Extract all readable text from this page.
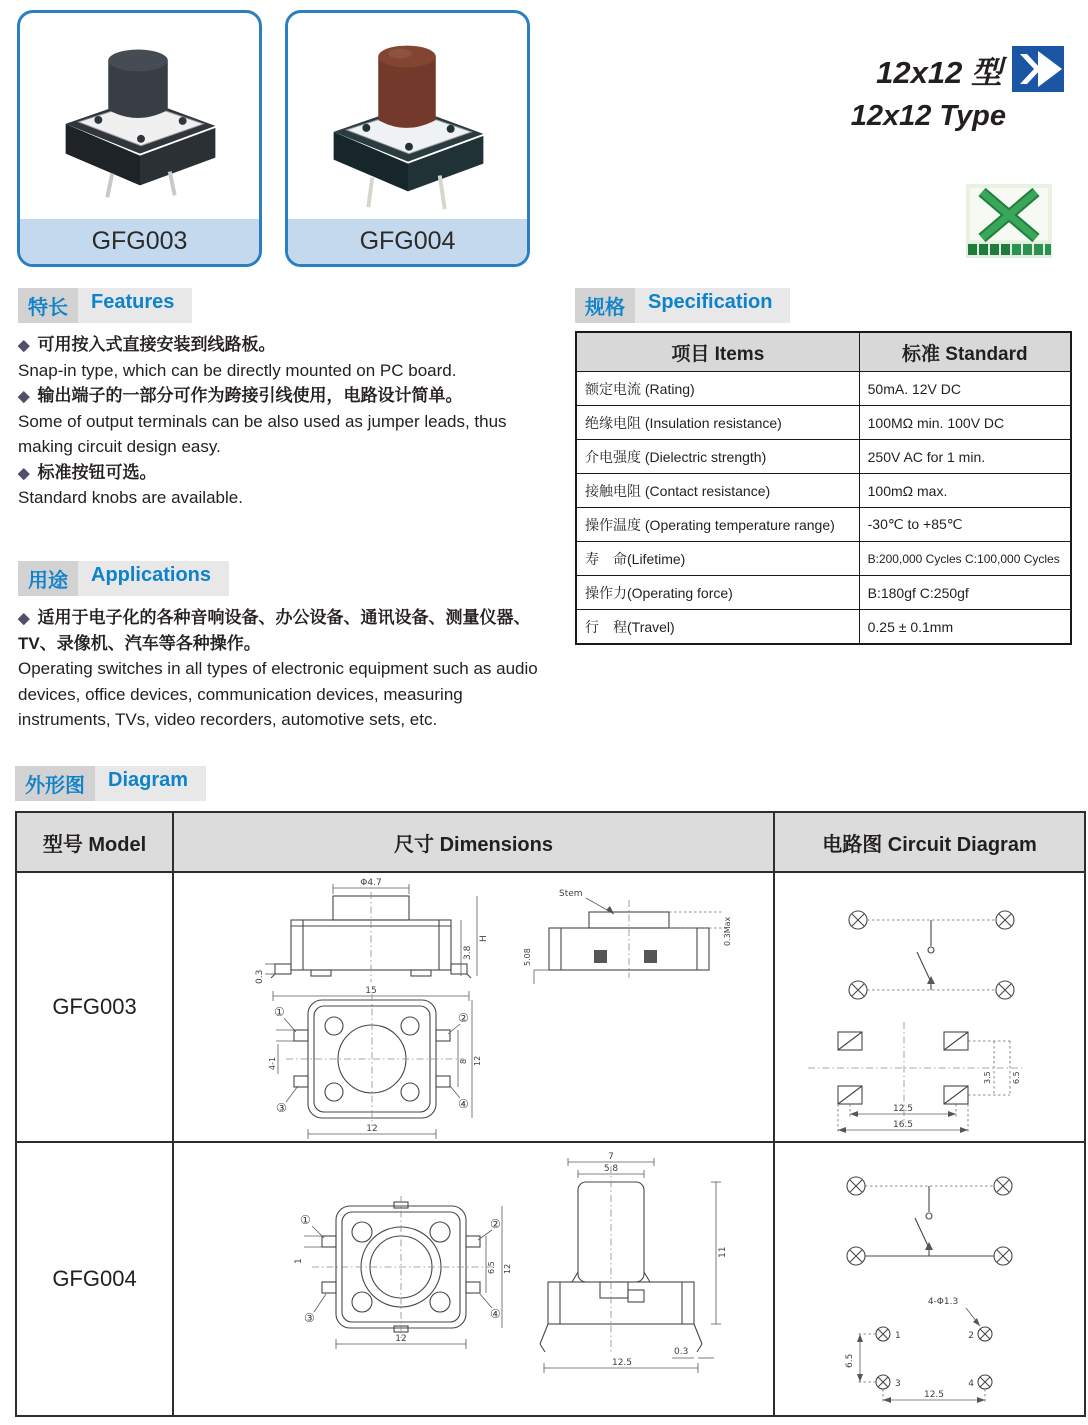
GFG003	GFG004
12x12 型
12x12 Type
特长	Features

◆ 可用按入式直接安装到线路板。

Snap-in type, which can be directly mounted on PC board.

◆ 输出端子的一部分可作为跨接引线使用，电路设计简单。

Some of output terminals can be also used as jumper leads, thus making circuit design easy.

◆ 标准按钮可选。

Standard knobs are available.

规格	Specification
项目 Items	标准 Standard
额定电流 (Rating)	50mA. 12V DC
绝缘电阻 (Insulation resistance)	100MΩ min. 100V DC
介电强度 (Dielectric strength)	250V AC for 1 min.
接触电阻 (Contact resistance)	100mΩ max.
操作温度 (Operating temperature range)	-30℃ to +85℃
寿　命(Lifetime)	B:200,000 Cycles C:100,000 Cycles
操作力(Operating force)	B:180gf C:250gf
行　程(Travel)	0.25 ± 0.1mm
用途	Applications

◆ 适用于电子化的各种音响设备、办公设备、通讯设备、测量仪器、TV、录像机、汽车等各种操作。

Operating switches in all types of electronic equipment such as audio devices, office devices, communication devices, measuring instruments, TVs, video recorders, automotive sets, etc.

外形图	Diagram
型号 Model	尺寸 Dimensions	电路图 Circuit Diagram
GFG003	
Φ4.7
0.3
3.8
H
15
Stem
0.3Max
5.08
①	②
③	④
4-1	8 12
12

3.5	6.5
12.5
16.5

GFG004	
①	②
③	④
1
6.5 12
12
7
5.8
11
12.5
0.3

4-Φ1.3
1	2
3	4
6.5
12.5
